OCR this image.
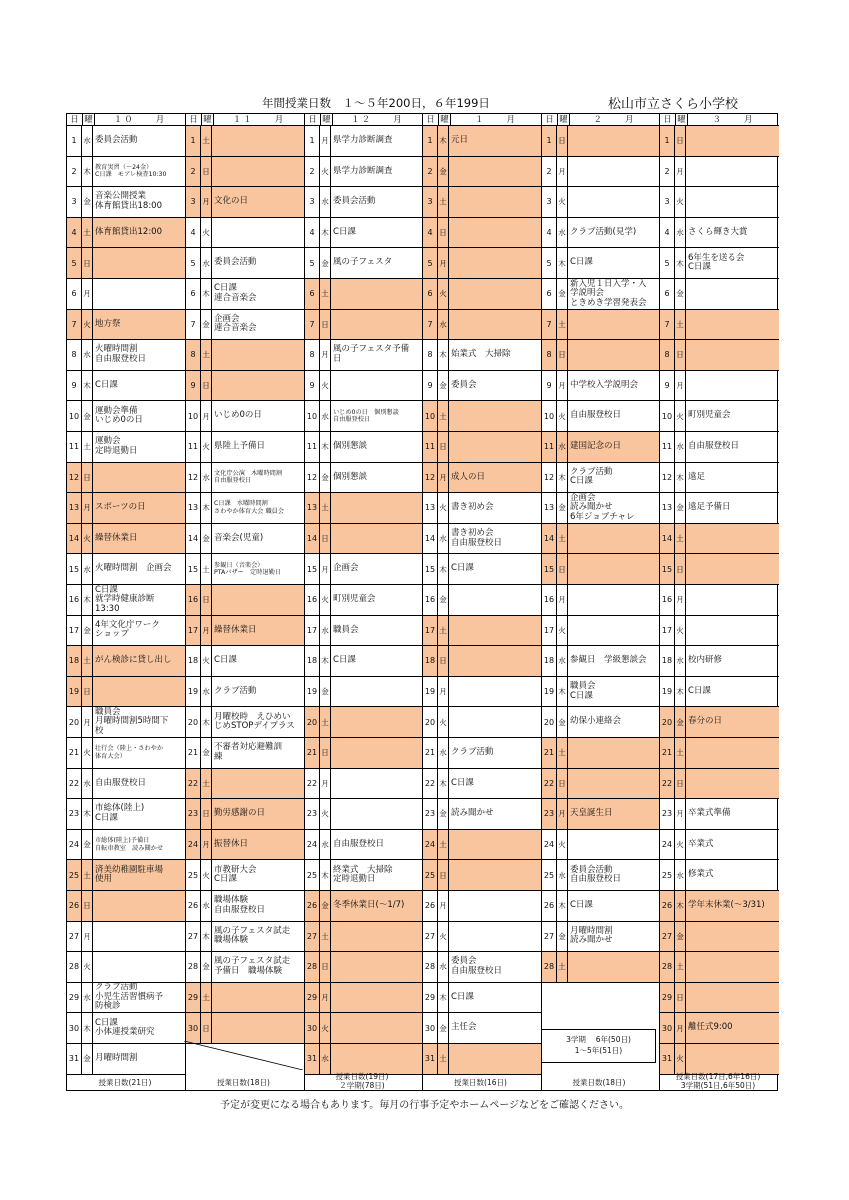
年間授業日数　１～５年200日，６年199日	松山市立さくら小学校
日 曜	１０　　月
1 水 委員会活動
2 木 教育実習（～24金）
C日課　モアレ検査10:30
3 金
音楽公開授業
体育館貸出18:00
4 土 体育館貸出12:00
5 日
6 月
7 火 地方祭
8 水
火曜時間割
自由服登校日
9 木 C日課
10 金
運動会準備
いじめ0の日
11 土
運動会
定時退勤日
12 日
13 月 スポーツの日
14 火 繰替休業日
15 水 火曜時間割　企画会
16 木
C日課
就学時健康診断
13:30
17 金
4年文化庁ワーク
ショップ
18 土 がん検診に貸し出し
19 日
20 月
職員会
月曜時間割5時間下
校
21 火 壮行会（陸上・さわやか
体育大会）
22 水 自由服登校日
23 木
市総体(陸上)
C日課
24 金 市総体(陸上)予備日
自転車教室　読み聞かせ
25 土
済美幼稚園駐車場
使用
26 日
27 月
28 火
29 水
クラブ活動
小児生活習慣病予
防検診
30 木
C日課
小体連授業研究
31 金 月曜時間割
日 曜	１１　　月
1 土
2 日
3 月 文化の日
4 火
5 水 委員会活動
6 木
C日課
連合音楽会
7 金
企画会
連合音楽会
8 土
9 日
10 月 いじめ0の日
11 火 県陸上予備日
12 水 文化庁公演　木曜時間割
自由服登校日
13 木 C日課　水曜時間割
さわやか体育大会 職員会
14 金 音楽会(児童)
15 土 参観日（音楽会）
PTAバザー　定時退勤日
16 日
17 月 繰替休業日
18 火 C日課
19 水 クラブ活動
20 木
月曜校時　えひめい
じめSTOPデイプラス
21 金
不審者対応避難訓
練
22 土
23 日 勤労感謝の日
24 月 振替休日
25 火
市教研大会
C日課
26 水
職場体験
自由服登校日
27 木
風の子フェスタ試走
職場体験
28 金
風の子フェスタ試走
予備日　職場体験
29 土
30 日
日 曜	１２　　月
1 月 県学力診断調査
2 火 県学力診断調査
3 水 委員会活動
4 木 C日課
5 金 風の子フェスタ
6 土
7 日
8 月
風の子フェスタ予備
日
9 火
10 水 いじめ0の日　個別懇談
自由服登校日
11 木 個別懇談
12 金 個別懇談
13 土
14 日
15 月 企画会
16 火 町別児童会
17 水 職員会
18 木 C日課
19 金
20 土
21 日
22 月
23 火
24 水 自由服登校日
25 木
終業式　大掃除
定時退勤日
26 金 冬季休業日(～1/7)
27 土
28 日
29 月
30 火
31 水
日 曜	１　　月
1 木 元日
2 金
3 土
4 日
5 月
6 火
7 水
8 木 始業式　大掃除
9 金 委員会
10 土
11 日
12 月 成人の日
13 火 書き初め会
14 水
書き初め会
自由服登校日
15 木 C日課
16 金
17 土
18 日
19 月
20 火
21 水 クラブ活動
22 木 C日課
23 金 読み聞かせ
24 土
25 日
26 月
27 火
28 水
委員会
自由服登校日
29 木 C日課
30 金 主任会
31 土
日 曜	２　　月
1 日
2 月
3 火
4 水 クラブ活動(見学)
5 木 C日課
6 金
新入児１日入学・入
学説明会
ときめき学習発表会
7 土
8 日
9 月 中学校入学説明会
10 火 自由服登校日
11 水 建国記念の日
12 木
クラブ活動
C日課
13 金
企画会
読み聞かせ
6年ジョブチャレ
14 土
15 日
16 月
17 火
18 水 参観日　学級懇談会
19 木
職員会
C日課
20 金 幼保小連絡会
21 土
22 日
23 月 天皇誕生日
24 火
25 水
委員会活動
自由服登校日
26 木 C日課
27 金
月曜時間割
読み聞かせ
28 土
日 曜	３　　月
1 日
2 月
3 火
4 水 さくら輝き大賞
5 木
6年生を送る会
C日課
6 金
7 土
8 日
9 月
10 火 町別児童会
11 水 自由服登校日
12 木 遠足
13 金 遠足予備日
14 土
15 日
16 月
17 火
18 水 校内研修
19 木 C日課
20 金 春分の日
21 土
22 日
23 月 卒業式準備
24 火 卒業式
25 水 修業式
26 木 学年末休業(～3/31)
27 金
28 土
29 日
30 月 離任式9:00
31 火
3学期　 6年(50日)
1～5年(51日)
授業日数(21日)	授業日数(18日)
授業日数(19日)
２学期(78日)	授業日数(16日)	授業日数(18日)
授業日数(17日,6年16日)
3学期(51日,6年50日)
予定が変更になる場合もあります。毎月の行事予定やホームページなどをご確認ください。
